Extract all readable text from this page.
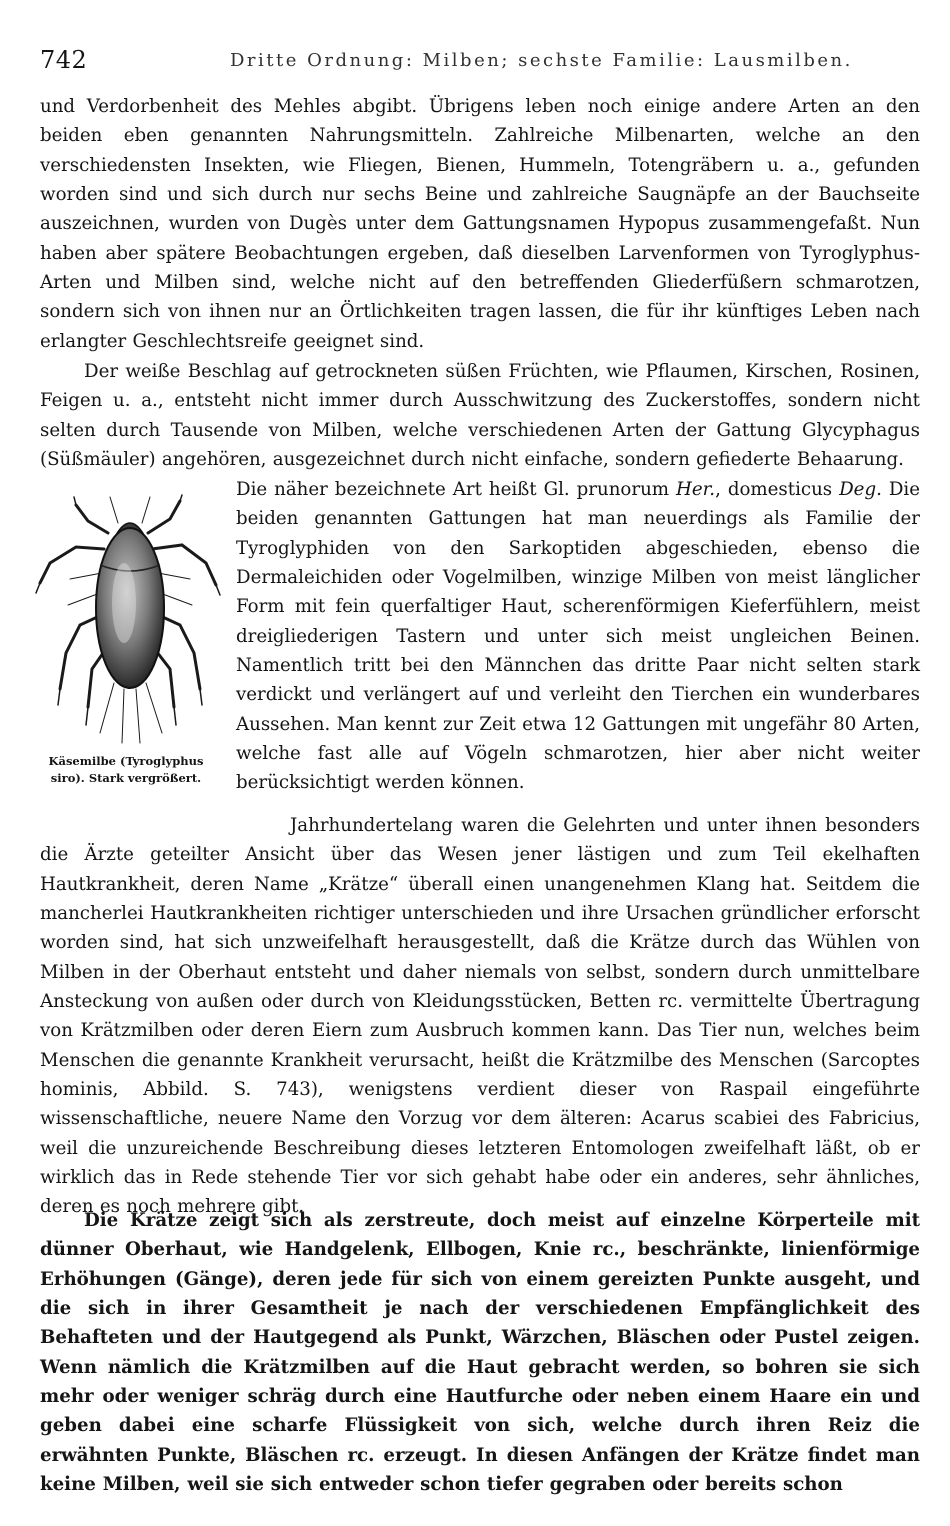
742	Dritte Ordnung: Milben; sechste Familie: Lausmilben.
und Verdorbenheit des Mehles abgibt. Übrigens leben noch einige andere Arten an den beiden eben genannten Nahrungsmitteln. Zahlreiche Milbenarten, welche an den verschiedensten Insekten, wie Fliegen, Bienen, Hummeln, Totengräbern u. a., gefunden worden sind und sich durch nur sechs Beine und zahlreiche Saugnäpfe an der Bauchseite auszeichnen, wurden von Dugès unter dem Gattungsnamen Hypopus zusammengefaßt. Nun haben aber spätere Beobachtungen ergeben, daß dieselben Larvenformen von Tyroglyphus-Arten und Milben sind, welche nicht auf den betreffenden Gliederfüßern schmarotzen, sondern sich von ihnen nur an Örtlichkeiten tragen lassen, die für ihr künftiges Leben nach erlangter Geschlechtsreife geeignet sind.
Der weiße Beschlag auf getrockneten süßen Früchten, wie Pflaumen, Kirschen, Rosinen, Feigen u. a., entsteht nicht immer durch Ausschwitzung des Zuckerstoffes, sondern nicht selten durch Tausende von Milben, welche verschiedenen Arten der Gattung Glycyphagus (Süßmäuler) angehören, ausgezeichnet durch nicht einfache, sondern gefiederte Behaarung.
Die näher bezeichnete Art heißt Gl. prunorum Her., domesticus Deg. Die beiden genannten Gattungen hat man neuerdings als Familie der Tyroglyphiden von den Sarkoptiden abgeschieden, ebenso die Dermaleichiden oder Vogelmilben, winzige Milben von meist länglicher Form mit fein querfaltiger Haut, scherenförmigen Kieferfühlern, meist dreigliederigen Tastern und unter sich meist ungleichen Beinen. Namentlich tritt bei den Männchen das dritte Paar nicht selten stark verdickt und verlängert auf und verleiht den Tierchen ein wunderbares Aussehen. Man kennt zur Zeit etwa 12 Gattungen mit ungefähr 80 Arten, welche fast alle auf Vögeln schmarotzen, hier aber nicht weiter berücksichtigt werden können.
Käsemilbe (Tyroglyphus siro). Stark vergrößert.
Jahrhundertelang waren die Gelehrten und unter ihnen besonders die Ärzte geteilter Ansicht über das Wesen jener lästigen und zum Teil ekelhaften Hautkrankheit, deren Name „Krätze“ überall einen unangenehmen Klang hat. Seitdem die mancherlei Hautkrankheiten richtiger unterschieden und ihre Ursachen gründlicher erforscht worden sind, hat sich unzweifelhaft herausgestellt, daß die Krätze durch das Wühlen von Milben in der Oberhaut entsteht und daher niemals von selbst, sondern durch unmittelbare Ansteckung von außen oder durch von Kleidungsstücken, Betten rc. vermittelte Übertragung von Krätzmilben oder deren Eiern zum Ausbruch kommen kann. Das Tier nun, welches beim Menschen die genannte Krankheit verursacht, heißt die Krätzmilbe des Menschen (Sarcoptes hominis, Abbild. S. 743), wenigstens verdient dieser von Raspail eingeführte wissenschaftliche, neuere Name den Vorzug vor dem älteren: Acarus scabiei des Fabricius, weil die unzureichende Beschreibung dieses letzteren Entomologen zweifelhaft läßt, ob er wirklich das in Rede stehende Tier vor sich gehabt habe oder ein anderes, sehr ähnliches, deren es noch mehrere gibt.
Die Krätze zeigt sich als zerstreute, doch meist auf einzelne Körperteile mit dünner Oberhaut, wie Handgelenk, Ellbogen, Knie rc., beschränkte, linienförmige Erhöhungen (Gänge), deren jede für sich von einem gereizten Punkte ausgeht, und die sich in ihrer Gesamtheit je nach der verschiedenen Empfänglichkeit des Behafteten und der Hautgegend als Punkt, Wärzchen, Bläschen oder Pustel zeigen. Wenn nämlich die Krätzmilben auf die Haut gebracht werden, so bohren sie sich mehr oder weniger schräg durch eine Hautfurche oder neben einem Haare ein und geben dabei eine scharfe Flüssigkeit von sich, welche durch ihren Reiz die erwähnten Punkte, Bläschen rc. erzeugt. In diesen Anfängen der Krätze findet man keine Milben, weil sie sich entweder schon tiefer gegraben oder bereits schon
